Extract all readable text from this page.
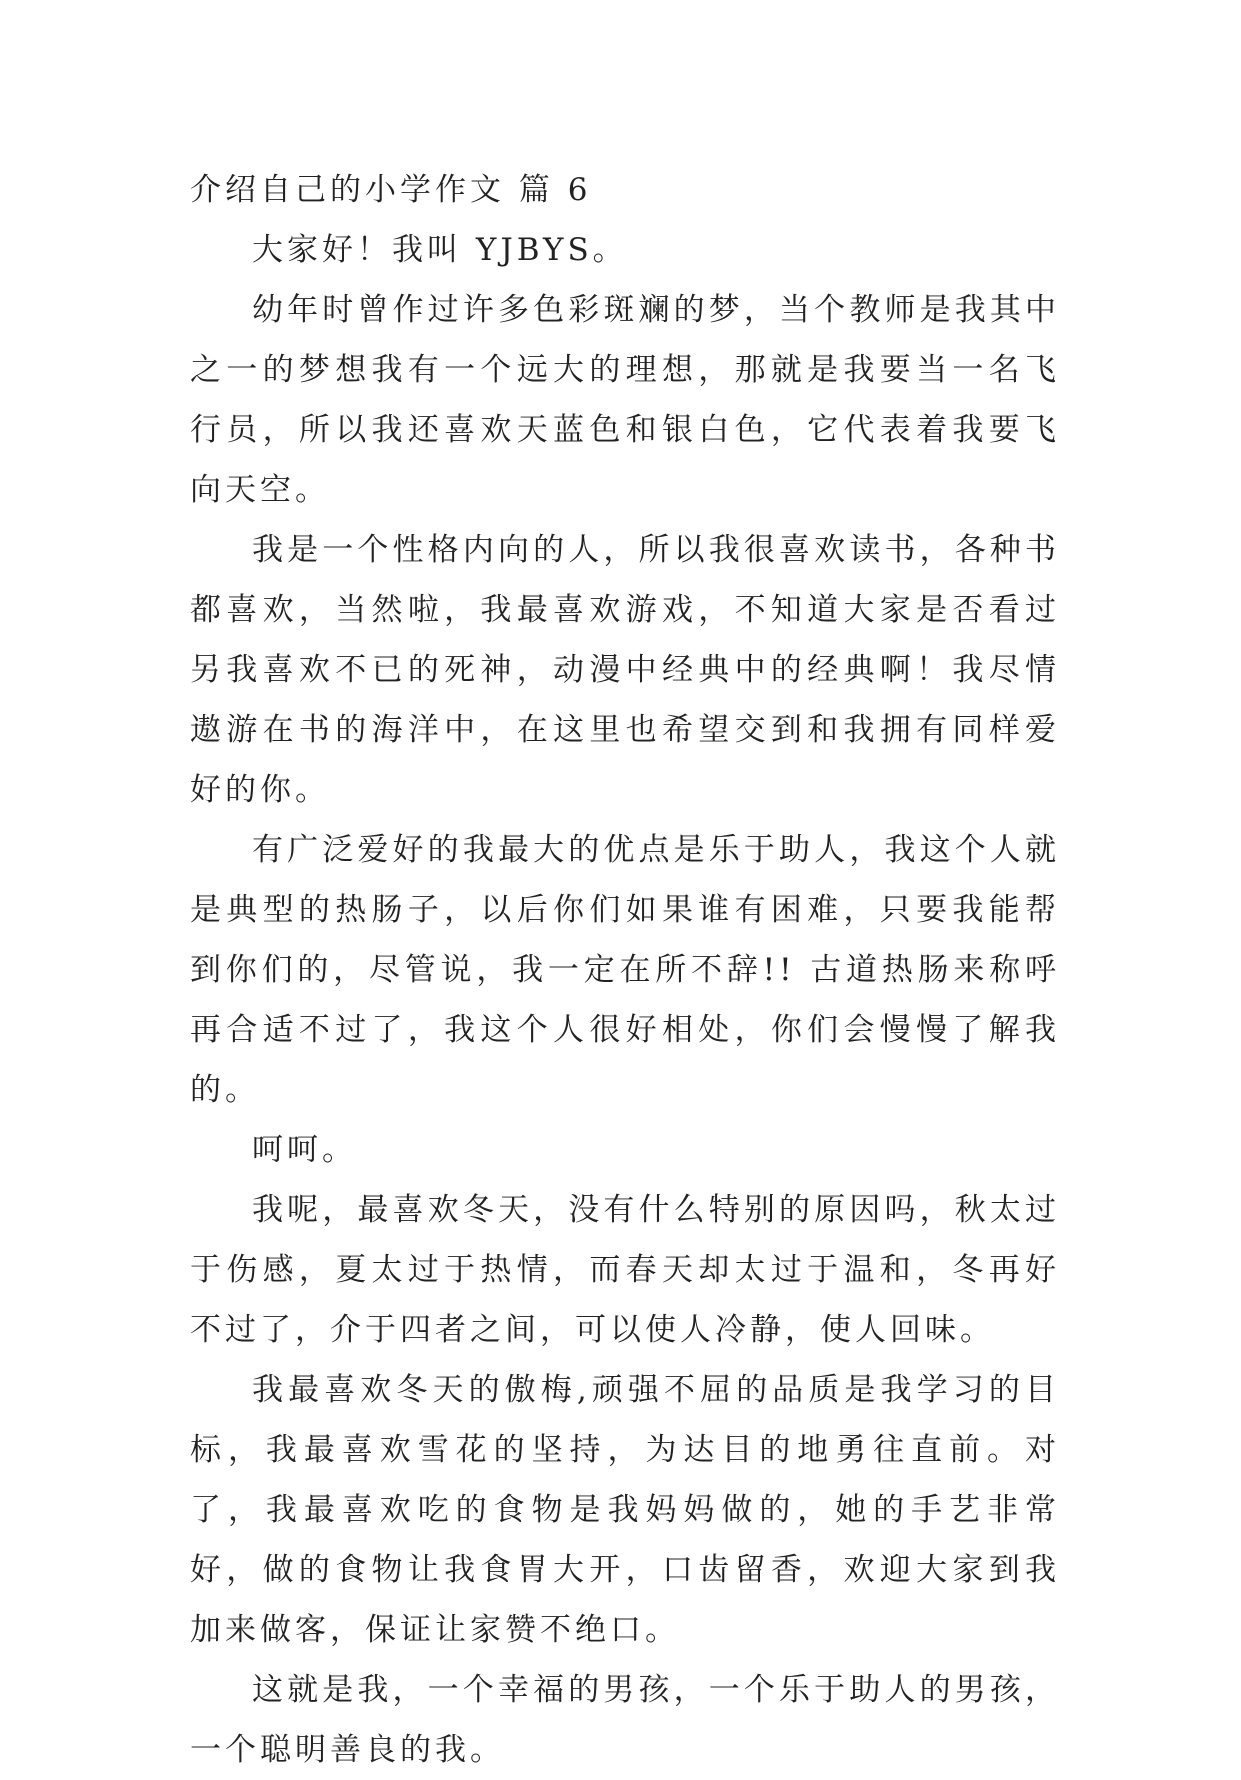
介绍自己的小学作文 篇 6

大家好！我叫 YJBYS。

幼年时曾作过许多色彩斑斓的梦，当个教师是我其中之一的梦想我有一个远大的理想，那就是我要当一名飞行员，所以我还喜欢天蓝色和银白色，它代表着我要飞向天空。

我是一个性格内向的人，所以我很喜欢读书，各种书都喜欢，当然啦，我最喜欢游戏，不知道大家是否看过另我喜欢不已的死神，动漫中经典中的经典啊！我尽情遨游在书的海洋中，在这里也希望交到和我拥有同样爱好的你。

有广泛爱好的我最大的优点是乐于助人，我这个人就是典型的热肠子，以后你们如果谁有困难，只要我能帮到你们的，尽管说，我一定在所不辞!! 古道热肠来称呼再合适不过了，我这个人很好相处，你们会慢慢了解我的。

呵呵。

我呢，最喜欢冬天，没有什么特别的原因吗，秋太过于伤感，夏太过于热情，而春天却太过于温和，冬再好不过了，介于四者之间，可以使人冷静，使人回味。

我最喜欢冬天的傲梅,顽强不屈的品质是我学习的目标，我最喜欢雪花的坚持，为达目的地勇往直前。对了，我最喜欢吃的食物是我妈妈做的，她的手艺非常好，做的食物让我食胃大开，口齿留香，欢迎大家到我加来做客，保证让家赞不绝口。

这就是我，一个幸福的男孩，一个乐于助人的男孩，一个聪明善良的我。
